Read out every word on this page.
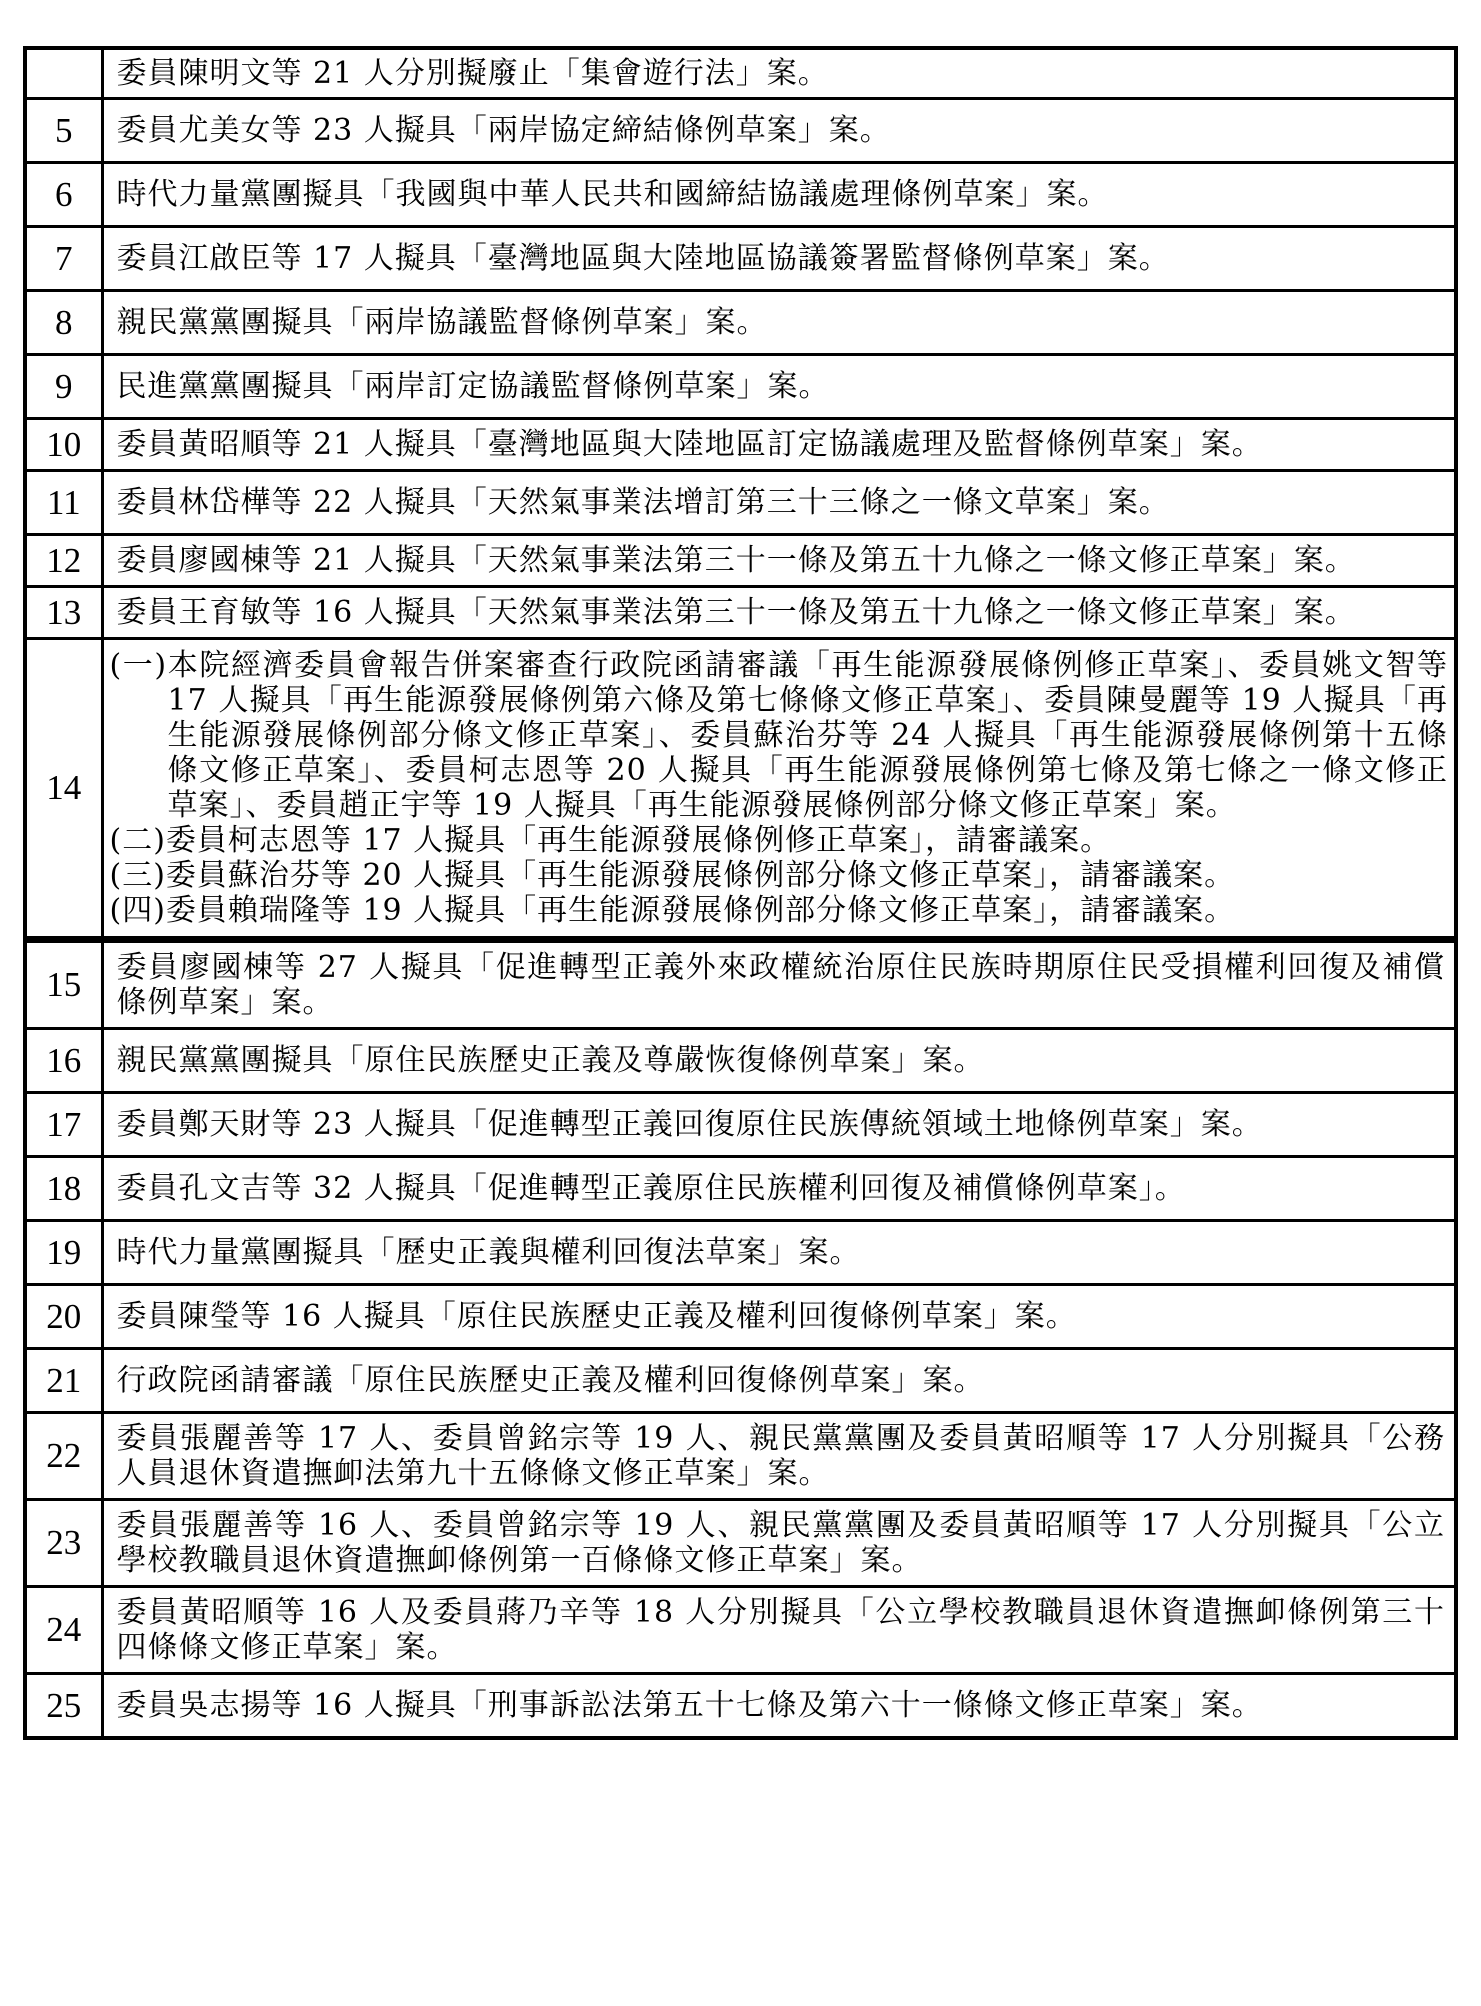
	委員陳明文等 21 人分別擬廢止「集會遊行法」案。

5	委員尤美女等 23 人擬具「兩岸協定締結條例草案」案。

6	時代力量黨團擬具「我國與中華人民共和國締結協議處理條例草案」案。

7	委員江啟臣等 17 人擬具「臺灣地區與大陸地區協議簽署監督條例草案」案。

8	親民黨黨團擬具「兩岸協議監督條例草案」案。

9	民進黨黨團擬具「兩岸訂定協議監督條例草案」案。

10	委員黃昭順等 21 人擬具「臺灣地區與大陸地區訂定協議處理及監督條例草案」案。

11	委員林岱樺等 22 人擬具「天然氣事業法增訂第三十三條之一條文草案」案。

12	委員廖國棟等 21 人擬具「天然氣事業法第三十一條及第五十九條之一條文修正草案」案。

13	委員王育敏等 16 人擬具「天然氣事業法第三十一條及第五十九條之一條文修正草案」案。

14	(一)本院經濟委員會報告併案審查行政院函請審議「再生能源發展條例修正草案」、委員姚文智等17 人擬具「再生能源發展條例第六條及第七條條文修正草案」、委員陳曼麗等 19 人擬具「再生能源發展條例部分條文修正草案」、委員蘇治芬等 24 人擬具「再生能源發展條例第十五條條文修正草案」、委員柯志恩等 20 人擬具「再生能源發展條例第七條及第七條之一條文修正草案」、委員趙正宇等 19 人擬具「再生能源發展條例部分條文修正草案」案。
(二)委員柯志恩等 17 人擬具「再生能源發展條例修正草案」，請審議案。
(三)委員蘇治芬等 20 人擬具「再生能源發展條例部分條文修正草案」，請審議案。
(四)委員賴瑞隆等 19 人擬具「再生能源發展條例部分條文修正草案」，請審議案。

15	委員廖國棟等 27 人擬具「促進轉型正義外來政權統治原住民族時期原住民受損權利回復及補償條例草案」案。

16	親民黨黨團擬具「原住民族歷史正義及尊嚴恢復條例草案」案。

17	委員鄭天財等 23 人擬具「促進轉型正義回復原住民族傳統領域土地條例草案」案。

18	委員孔文吉等 32 人擬具「促進轉型正義原住民族權利回復及補償條例草案」。

19	時代力量黨團擬具「歷史正義與權利回復法草案」案。

20	委員陳瑩等 16 人擬具「原住民族歷史正義及權利回復條例草案」案。

21	行政院函請審議「原住民族歷史正義及權利回復條例草案」案。

22	委員張麗善等 17 人、委員曾銘宗等 19 人、親民黨黨團及委員黃昭順等 17 人分別擬具「公務人員退休資遣撫卹法第九十五條條文修正草案」案。

23	委員張麗善等 16 人、委員曾銘宗等 19 人、親民黨黨團及委員黃昭順等 17 人分別擬具「公立學校教職員退休資遣撫卹條例第一百條條文修正草案」案。

24	委員黃昭順等 16 人及委員蔣乃辛等 18 人分別擬具「公立學校教職員退休資遣撫卹條例第三十四條條文修正草案」案。

25	委員吳志揚等 16 人擬具「刑事訴訟法第五十七條及第六十一條條文修正草案」案。
